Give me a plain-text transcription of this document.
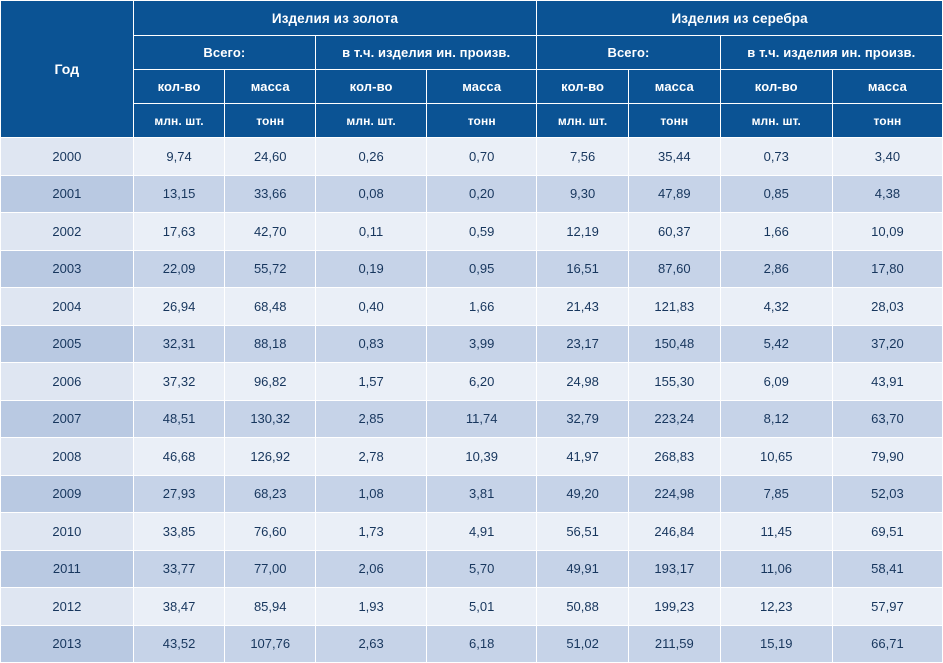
Год	Изделия из золота				Изделия из серебра			
	Всего:		в т.ч. изделия ин. произв.		Всего:		в т.ч. изделия ин. произв.	
	кол-во	масса	кол-во	масса	кол-во	масса	кол-во	масса
	млн. шт.	тонн	млн. шт.	тонн	млн. шт.	тонн	млн. шт.	тонн
2000	9,74	24,60	0,26	0,70	7,56	35,44	0,73	3,40
2001	13,15	33,66	0,08	0,20	9,30	47,89	0,85	4,38
2002	17,63	42,70	0,11	0,59	12,19	60,37	1,66	10,09
2003	22,09	55,72	0,19	0,95	16,51	87,60	2,86	17,80
2004	26,94	68,48	0,40	1,66	21,43	121,83	4,32	28,03
2005	32,31	88,18	0,83	3,99	23,17	150,48	5,42	37,20
2006	37,32	96,82	1,57	6,20	24,98	155,30	6,09	43,91
2007	48,51	130,32	2,85	11,74	32,79	223,24	8,12	63,70
2008	46,68	126,92	2,78	10,39	41,97	268,83	10,65	79,90
2009	27,93	68,23	1,08	3,81	49,20	224,98	7,85	52,03
2010	33,85	76,60	1,73	4,91	56,51	246,84	11,45	69,51
2011	33,77	77,00	2,06	5,70	49,91	193,17	11,06	58,41
2012	38,47	85,94	1,93	5,01	50,88	199,23	12,23	57,97
2013	43,52	107,76	2,63	6,18	51,02	211,59	15,19	66,71
